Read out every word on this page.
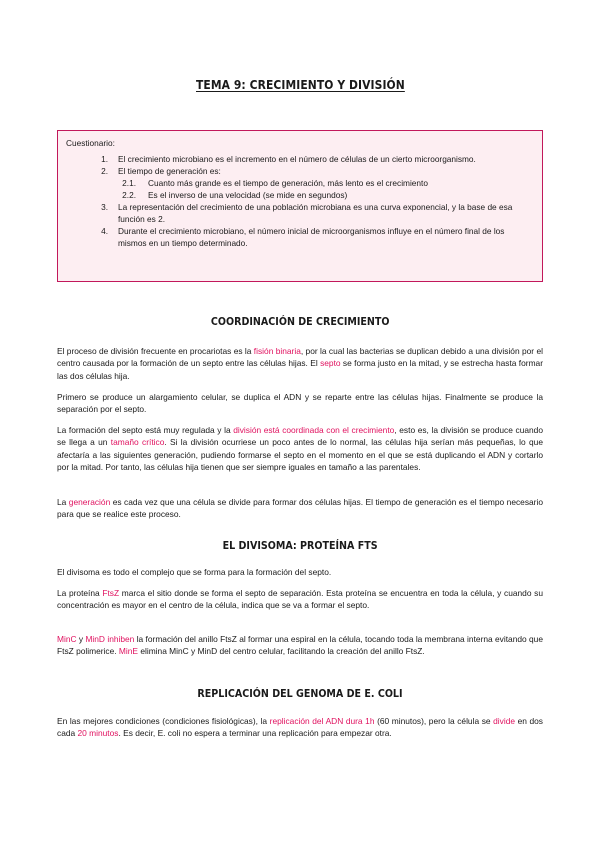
TEMA 9: CRECIMIENTO Y DIVISIÓN
Cuestionario:
1.	El crecimiento microbiano es el incremento en el número de células de un cierto microorganismo.
2.	El tiempo de generación es:
2.1.	Cuanto más grande es el tiempo de generación, más lento es el crecimiento
2.2.	Es el inverso de una velocidad (se mide en segundos)
3.	La representación del crecimiento de una población microbiana es una curva exponencial, y la base de esa función es 2.
4.	Durante el crecimiento microbiano, el número inicial de microorganismos influye en el número final de los mismos en un tiempo determinado.
COORDINACIÓN DE CRECIMIENTO

El proceso de división frecuente en procariotas es la fisión binaria, por la cual las bacterias se duplican debido a una división por el centro causada por la formación de un septo entre las células hijas. El septo se forma justo en la mitad, y se estrecha hasta formar las dos células hija.

Primero se produce un alargamiento celular, se duplica el ADN y se reparte entre las células hijas. Finalmente se produce la separación por el septo.

La formación del septo está muy regulada y la división está coordinada con el crecimiento, esto es, la división se produce cuando se llega a un tamaño crítico. Si la división ocurriese un poco antes de lo normal, las células hija serían más pequeñas, lo que afectaría a las siguientes generación, pudiendo formarse el septo en el momento en el que se está duplicando el ADN y cortarlo por la mitad. Por tanto, las células hija tienen que ser siempre iguales en tamaño a las parentales.

La generación es cada vez que una célula se divide para formar dos células hijas. El tiempo de generación es el tiempo necesario para que se realice este proceso.

EL DIVISOMA: PROTEÍNA FTS

El divisoma es todo el complejo que se forma para la formación del septo.

La proteína FtsZ marca el sitio donde se forma el septo de separación. Esta proteína se encuentra en toda la célula, y cuando su concentración es mayor en el centro de la célula, indica que se va a formar el septo.

MinC y MinD inhiben la formación del anillo FtsZ al formar una espiral en la célula, tocando toda la membrana interna evitando que FtsZ polimerice. MinE elimina MinC y MinD del centro celular, facilitando la creación del anillo FtsZ.

REPLICACIÓN DEL GENOMA DE E. COLI

En las mejores condiciones (condiciones fisiológicas), la replicación del ADN dura 1h (60 minutos), pero la célula se divide en dos cada 20 minutos. Es decir, E. coli no espera a terminar una replicación para empezar otra.
